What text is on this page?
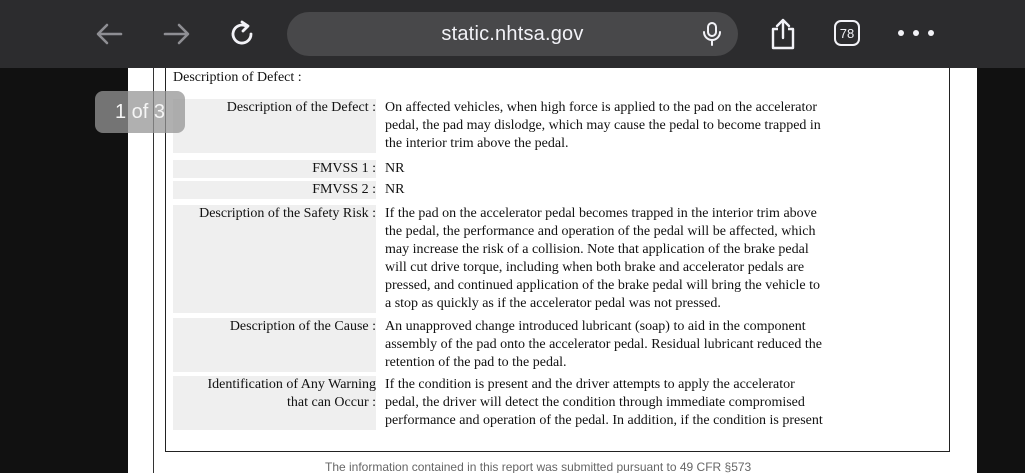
static.nhtsa.gov	78
Description of Defect :
Description of the Defect : On affected vehicles, when high force is applied to the pad on the accelerator
pedal, the pad may dislodge, which may cause the pedal to become trapped in
the interior trim above the pedal.
FMVSS 1 : NR
FMVSS 2 : NR
Description of the Safety Risk : If the pad on the accelerator pedal becomes trapped in the interior trim above
the pedal, the performance and operation of the pedal will be affected, which
may increase the risk of a collision. Note that application of the brake pedal
will cut drive torque, including when both brake and accelerator pedals are
pressed, and continued application of the brake pedal will bring the vehicle to
a stop as quickly as if the accelerator pedal was not pressed.
Description of the Cause : An unapproved change introduced lubricant (soap) to aid in the component
assembly of the pad onto the accelerator pedal. Residual lubricant reduced the
retention of the pad to the pedal.
Identification of Any Warning
that can Occur :
If the condition is present and the driver attempts to apply the accelerator
pedal, the driver will detect the condition through immediate compromised
performance and operation of the pedal. In addition, if the condition is present
The information contained in this report was submitted pursuant to 49 CFR §573
1 of 3
